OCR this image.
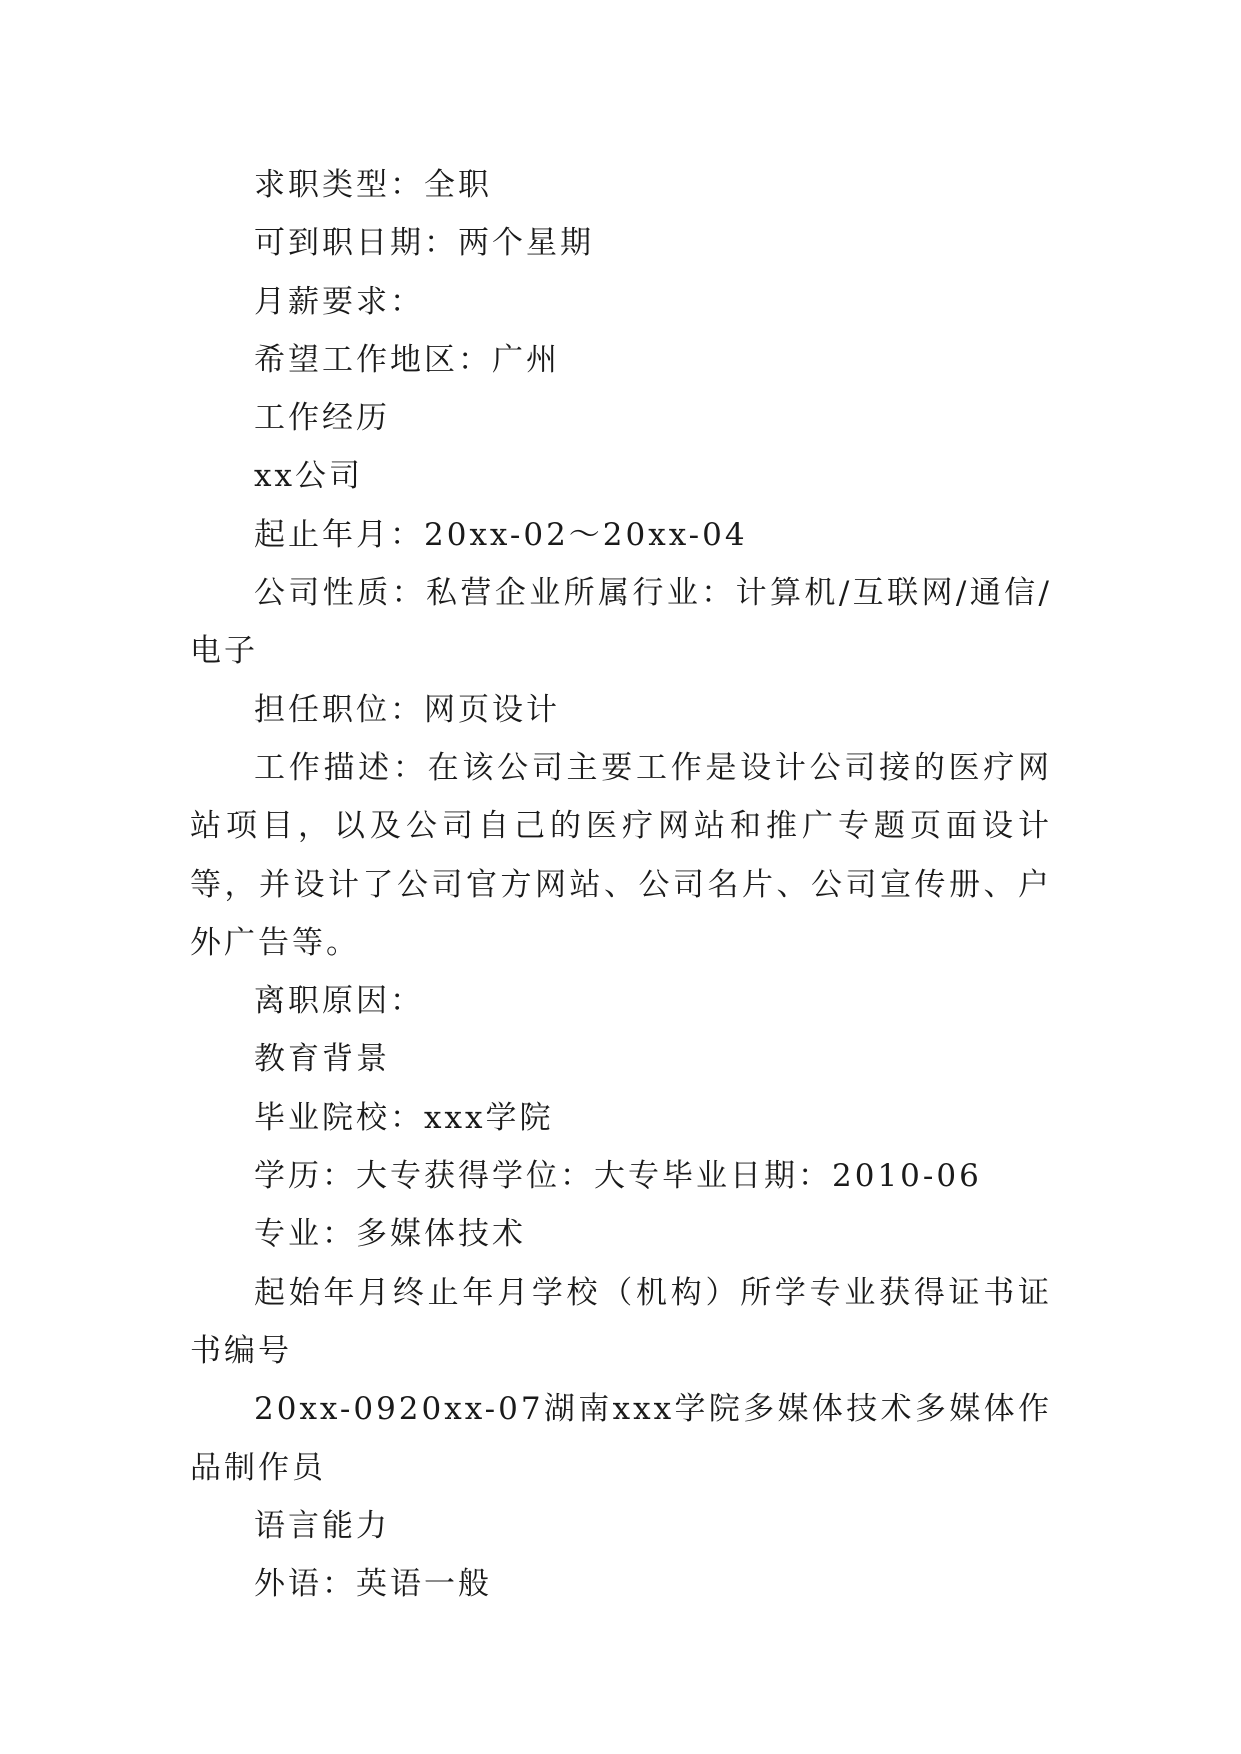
求职类型：全职

可到职日期：两个星期

月薪要求：

希望工作地区：广州

工作经历

xx公司

起止年月：20xx-02～20xx-04

公司性质：私营企业所属行业：计算机/互联网/通信/电子

担任职位：网页设计

工作描述：在该公司主要工作是设计公司接的医疗网站项目，以及公司自己的医疗网站和推广专题页面设计等，并设计了公司官方网站、公司名片、公司宣传册、户外广告等。

离职原因：

教育背景

毕业院校：xxx学院

学历：大专获得学位：大专毕业日期：2010-06

专业：多媒体技术

起始年月终止年月学校（机构）所学专业获得证书证书编号

20xx-0920xx-07湖南xxx学院多媒体技术多媒体作品制作员

语言能力

外语：英语一般
